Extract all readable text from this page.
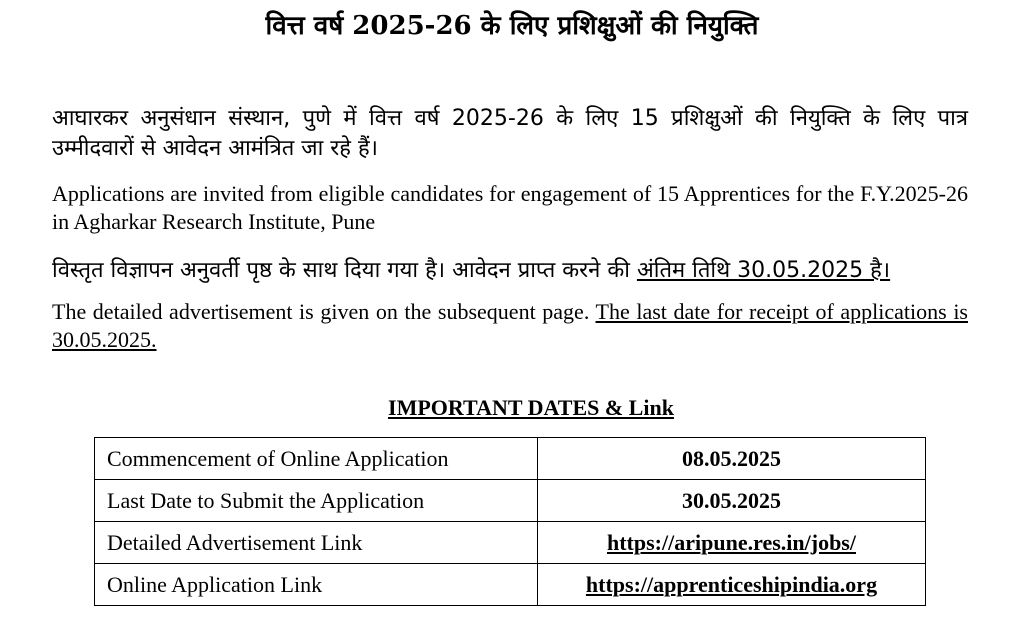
वित्त वर्ष 2025-26 के लिए प्रशिक्षुओं की नियुक्ति
आघारकर अनुसंधान संस्थान, पुणे में वित्त वर्ष 2025-26 के लिए 15 प्रशिक्षुओं की नियुक्ति के लिए पात्र उम्मीदवारों से आवेदन आमंत्रित जा रहे हैं।
Applications are invited from eligible candidates for engagement of 15 Apprentices for the F.Y.2025-26 in Agharkar Research Institute, Pune
विस्तृत विज्ञापन अनुवर्ती पृष्ठ के साथ दिया गया है। आवेदन प्राप्त करने की अंतिम तिथि 30.05.2025 है।
The detailed advertisement is given on the subsequent page. The last date for receipt of applications is 30.05.2025.
IMPORTANT DATES & Link
Commencement of Online Application	08.05.2025
Last Date to Submit the Application	30.05.2025
Detailed Advertisement Link	https://aripune.res.in/jobs/
Online Application Link	https://apprenticeshipindia.org
